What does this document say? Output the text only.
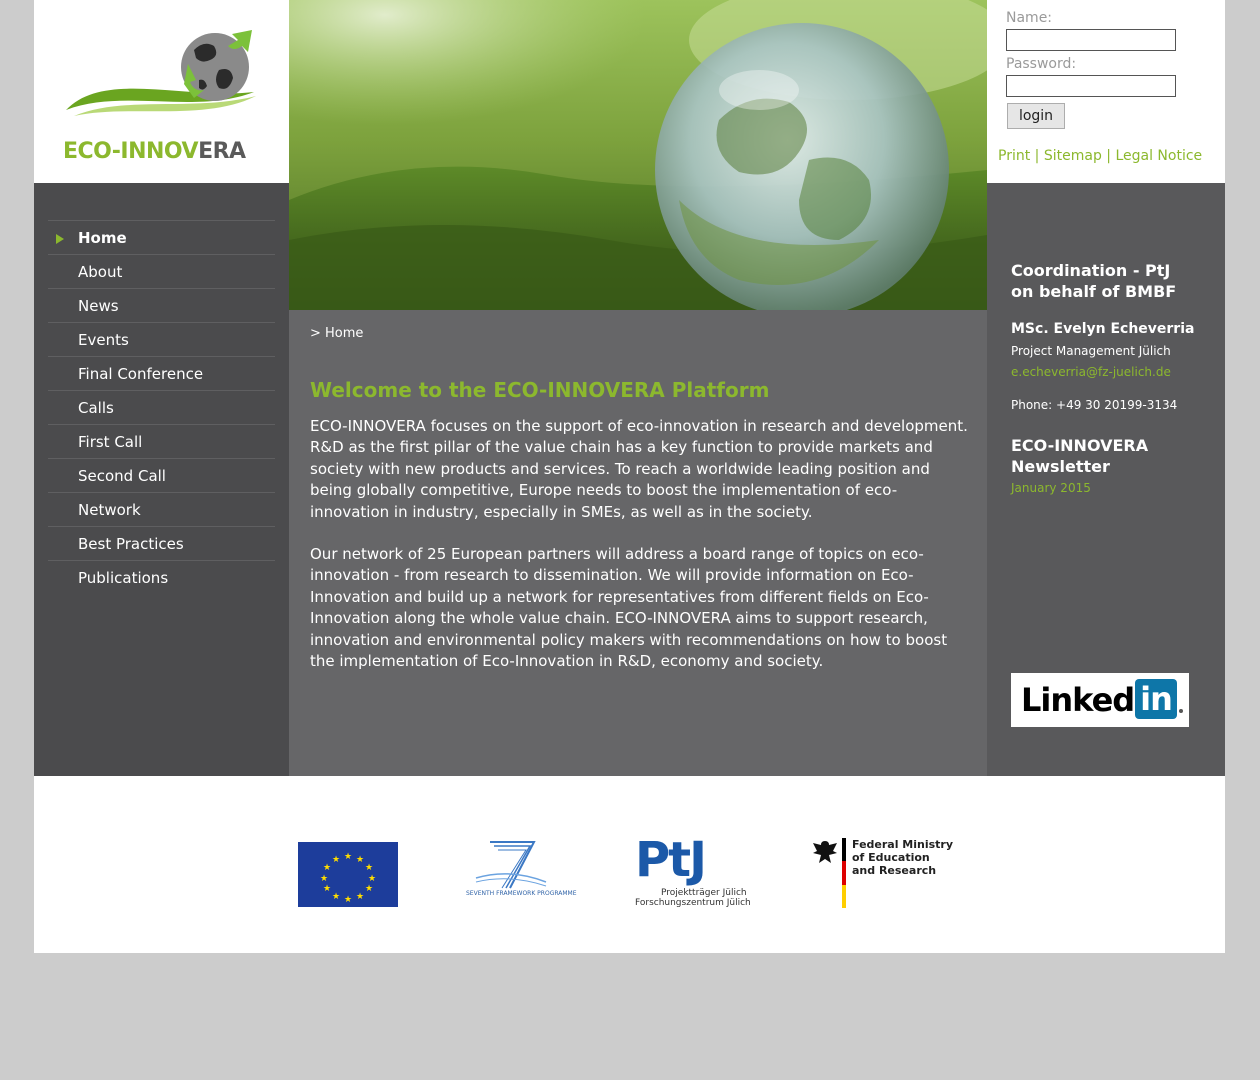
ECO-INNOVERA
Name:
Password:
login
Print | Sitemap | Legal Notice
Home
About
News
Events
Final Conference
Calls
First Call
Second Call
Network
Best Practices
Publications
> Home
Welcome to the ECO-INNOVERA Platform

ECO-INNOVERA focuses on the support of eco-innovation in research and development. R&D as the first pillar of the value chain has a key function to provide markets and society with new products and services. To reach a worldwide leading position and being globally competitive, Europe needs to boost the implementation of eco-innovation in industry, especially in SMEs, as well as in the society.

Our network of 25 European partners will address a board range of topics on eco-innovation - from research to dissemination. We will provide information on Eco-Innovation and build up a network for representatives from different fields on Eco-Innovation along the whole value chain. ECO-INNOVERA aims to support research, innovation and environmental policy makers with recommendations on how to boost the implementation of Eco-Innovation in R&D, economy and society.

Coordination - PtJ
on behalf of BMBF
MSc. Evelyn Echeverria
Project Management Jülich
e.echeverria@fz-juelich.de
Phone: +49 30 20199-3134
ECO-INNOVERA
Newsletter
January 2015
Linked in
★ ★
★
★
★
★
★
★
★
★
★
★
SEVENTH FRAMEWORK PROGRAMME
PtJ
Projektträger Jülich
Forschungszentrum Jülich
Federal Ministry
of Education
and Research
